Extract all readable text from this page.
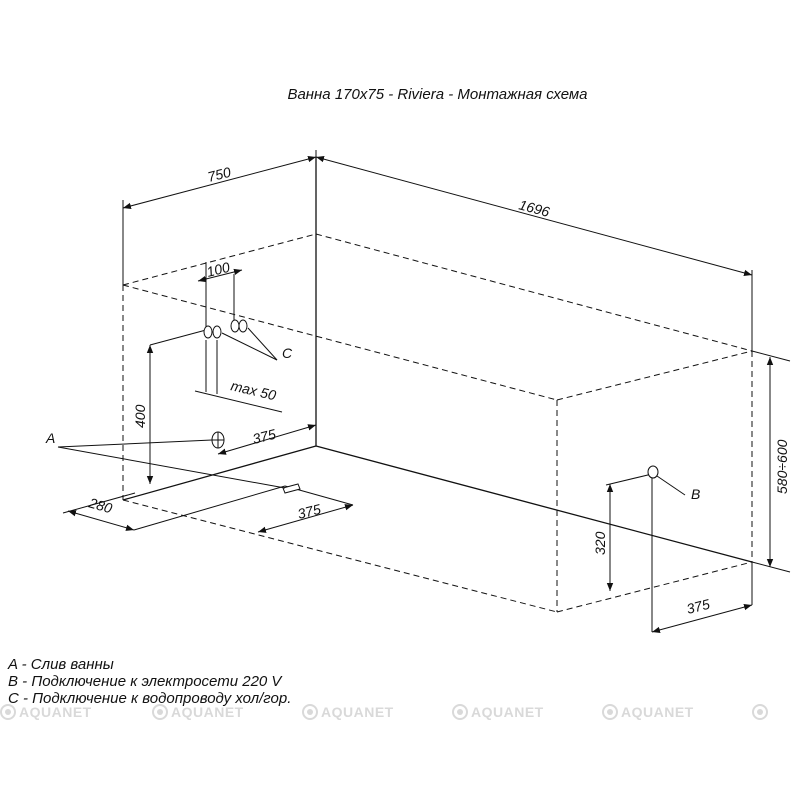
Ванна 170x75 - Riviera - Монтажная схема
750
1696
100
max 50
400
375
280	375
580÷600
320
375
A
B
C
A - Слив ванны
B - Подключение к электросети 220 V
C - Подключение к водопроводу хол/гор.
AQUANET	AQUANET	AQUANET	AQUANET	AQUANET
